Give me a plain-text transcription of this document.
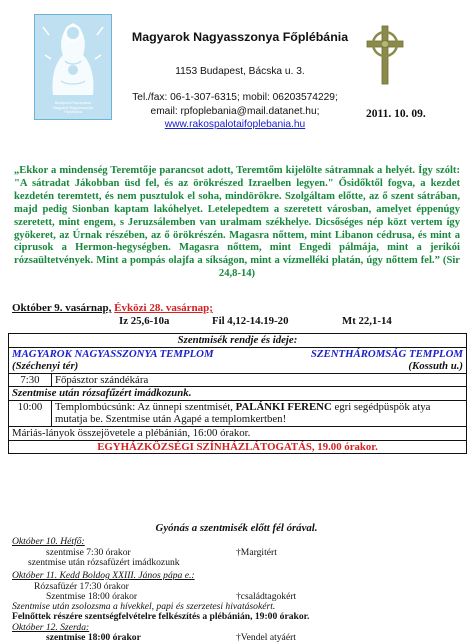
Budapest-Rákospalota
Magyarok Nagyasszonya
Főplébánia
Magyarok Nagyasszonya Főplébánia
1153 Budapest, Bácska u. 3.
Tel./fax: 06-1-307-6315; mobil: 06203574229;
email: rpfoplebania@mail.datanet.hu;
www.rakospalotaifoplebania.hu
2011. 10. 09.
„Ekkor a mindenség Teremtője parancsot adott, Teremtőm kijelölte sátramnak a helyét. Így szólt: "A sátradat Jákobban üsd fel, és az örökrészed Izraelben legyen." Ősidőktől fogva, a kezdet kezdetén teremtett, és nem pusztulok el soha, mindörökre. Szolgáltam előtte, az ő szent sátrában, majd pedig Sionban kaptam lakóhelyet. Letelepedtem a szeretett városban, amelyet éppenúgy szeretett, mint engem, s Jeruzsálemben van uralmam székhelye. Dicsőséges nép közt vertem így gyökeret, az Úrnak részében, az ő örökrészén. Magasra nőttem, mint Libanon cédrusa, és mint a ciprusok a Hermon-hegységben. Magasra nőttem, mint Engedi pálmája, mint a jerikói rózsaültetvények. Mint a pompás olajfa a síkságon, mint a vízmelléki platán, úgy nőttem fel.” (Sir 24,8-14)
Október 9. vasárnap, Évközi 28. vasárnap;
Iz 25,6-10a	Fil 4,12-14.19-20	Mt 22,1-14
Szentmisék rendje és ideje:	

MAGYAROK NAGYASSZONYA TEMPLOM
(Széchenyi tér)
SZENTHÁROMSÁG TEMPLOM
(Kossuth u.)	

7:30	Főpásztor szándékára
Szentmise után rózsafűzért imádkozunk.	
10:00	Templombúcsúnk: Az ünnepi szentmisét, PALÁNKI FERENC egri segédpüspök atya mutatja be. Szentmise után Agapé a templomkertben!
Máriás-lányok összejövetele a plébánián, 16:00 órakor.	
EGYHÁZKÖZSÉGI SZÍNHÁZLÁTOGATÁS, 19.00 órakor.	
Gyónás a szentmisék előtt fél órával.
Október 10. Hétfő:
szentmise 7:30 órakor	†Margitért
szentmise után rózsafüzért imádkozunk
Október 11. Kedd Boldog XXIII. János pápa e.:
Rózsafüzér 17:30 órakor
Szentmise 18:00 órakor	†családtagokért
Szentmise után zsolozsma a hívekkel, papi és szerzetesi hivatásokért.
Felnőttek részére szentségfelvételre felkészítés a plébánián, 19:00 órakor.
Október 12. Szerda:
szentmise 18:00 órakor	†Vendel atyáért
